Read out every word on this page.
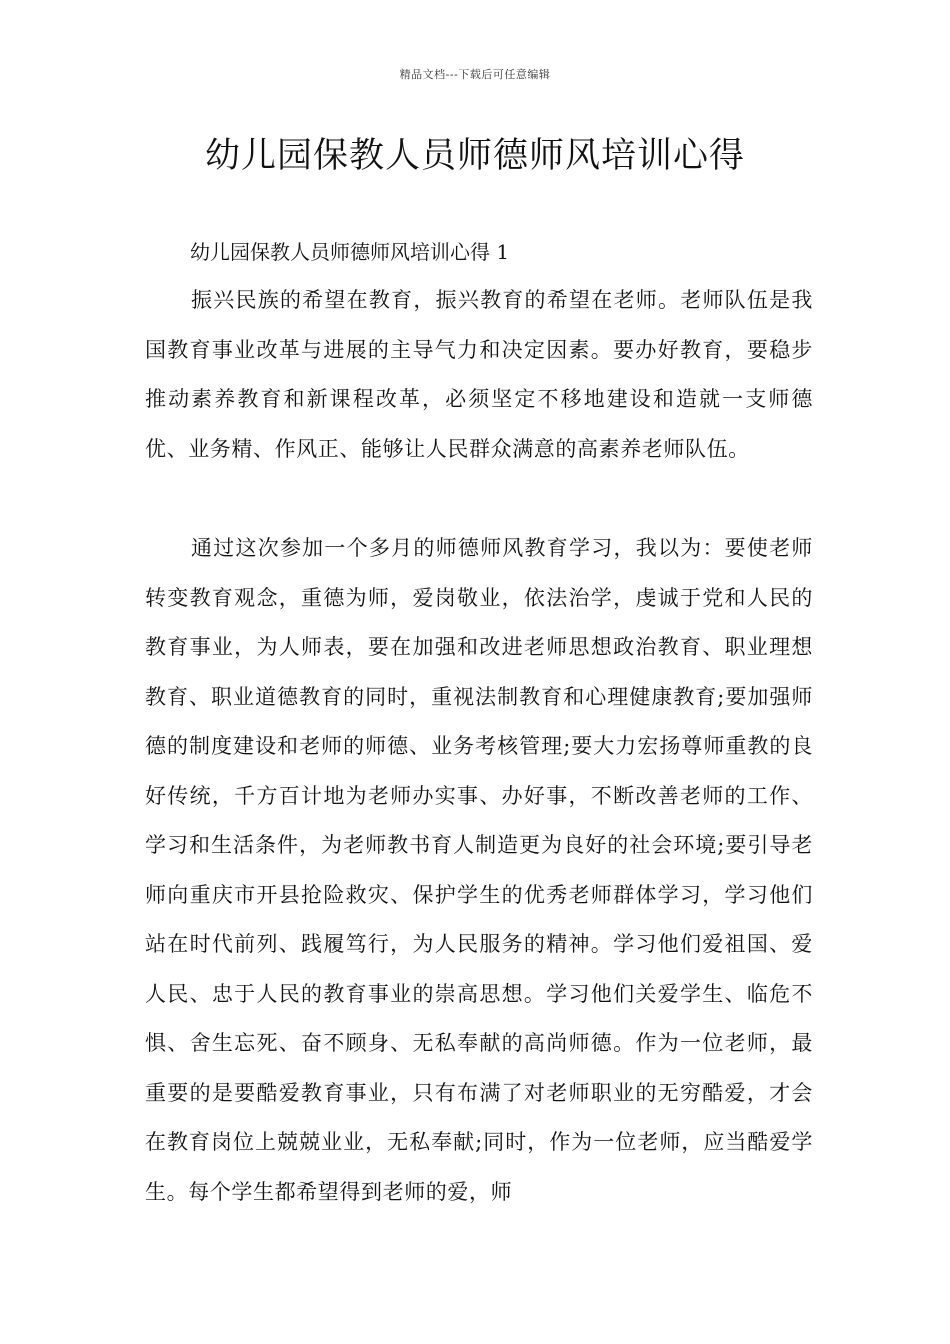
精品文档---下载后可任意编辑
幼儿园保教人员师德师风培训心得

幼儿园保教人员师德师风培训心得 1

振兴民族的希望在教育，振兴教育的希望在老师。老师队伍是我国教育事业改革与进展的主导气力和决定因素。要办好教育，要稳步推动素养教育和新课程改革，必须坚定不移地建设和造就一支师德优、业务精、作风正、能够让人民群众满意的高素养老师队伍。

通过这次参加一个多月的师德师风教育学习，我以为：要使老师转变教育观念，重德为师，爱岗敬业，依法治学，虔诚于党和人民的教育事业，为人师表，要在加强和改进老师思想政治教育、职业理想教育、职业道德教育的同时，重视法制教育和心理健康教育;要加强师德的制度建设和老师的师德、业务考核管理;要大力宏扬尊师重教的良好传统，千方百计地为老师办实事、办好事，不断改善老师的工作、学习和生活条件，为老师教书育人制造更为良好的社会环境;要引导老师向重庆市开县抢险救灾、保护学生的优秀老师群体学习，学习他们站在时代前列、践履笃行，为人民服务的精神。学习他们爱祖国、爱人民、忠于人民的教育事业的崇高思想。学习他们关爱学生、临危不惧、舍生忘死、奋不顾身、无私奉献的高尚师德。作为一位老师，最重要的是要酷爱教育事业，只有布满了对老师职业的无穷酷爱，才会在教育岗位上兢兢业业，无私奉献;同时，作为一位老师，应当酷爱学生。每个学生都希望得到老师的爱，师
